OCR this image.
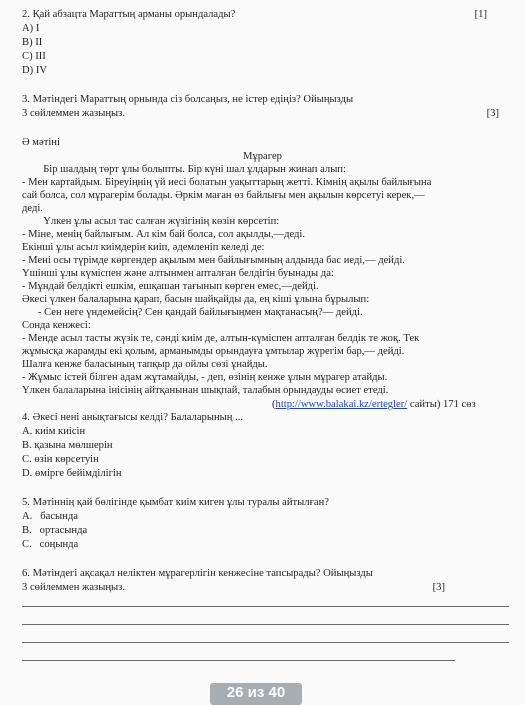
2. Қай абзацта Мараттың арманы орындалады?	[1]
A) I
B) II
C) III
D) IV
3. Мәтіндегі Мараттың орнында сіз болсаңыз, не істер едіңіз? Ойыңызды
3 сөйлеммен жазыңыз.	[3]
Ә мәтіні
Мұрагер
Бір шалдың төрт ұлы болыпты. Бір күні шал ұлдарын жинап алып:
- Мен картайдым. Біреуіңнің үй иесі болатын уақыттарың жетті. Кімнің ақылы байлығына
сай болса, сол мұрагерім болады. Әркім маған өз байлығы мен ақылын көрсетуі керек,—
деді.
Үлкен ұлы асыл тас салған жүзігінің көзін көрсетіп:
- Міне, менің байлығым. Ал кім бай болса, сол ақылды,—деді.
Екінші ұлы асыл киімдерін киіп, әдемленіп келеді де:
- Мені осы түрімде көргендер ақылым мен байлығымның алдында бас иеді,— дейді.
Үшінші ұлы күміспен және алтынмен апталған белдігін буынады да:
- Мұндай белдікті ешкім, ешқашан тағынып көрген емес,—дейді.
Әкесі үлкен балаларына қарап, басын шайқайды да, ең кіші ұлына бұрылып:
- Сен неге үндемейсің? Сен қандай байлығыңмен мақтанасың?— дейді.
Сонда кенжесі:
- Менде асыл тасты жүзік те, сәнді киім де, алтын-күміспен апталған белдік те жоқ. Тек
жұмысқа жарамды екі қолым, арманымды орындауға ұмтылар жүрегім бар,— дейді.
Шалға кенже баласының тапқыр да ойлы сөзі ұнайды.
- Жұмыс істей білген адам жұтамайды, - деп, өзінің кенже ұлын мұрагер атайды.
Үлкен балаларына інісінің айтқанынан шықпай, талабын орындауды өсиет етеді.
(http://www.balakai.kz/ertegler/ сайты) 171 сөз
4. Әкесі нені анықтағысы келді? Балаларының ...
A. киім киісін
B. қазына мөлшерін
C. өзін көрсетуін
D. өмірге бейімділігін
5. Мәтіннің қай бөлігінде қымбат киім киген ұлы туралы айтылған?
A.   басында
B.   ортасында
C.   соңында
6. Мәтіндегі ақсақал неліктен мұрагерлігін кенжесіне тапсырады? Ойыңызды
3 сөйлеммен жазыңыз.	[3]
26 из 40
